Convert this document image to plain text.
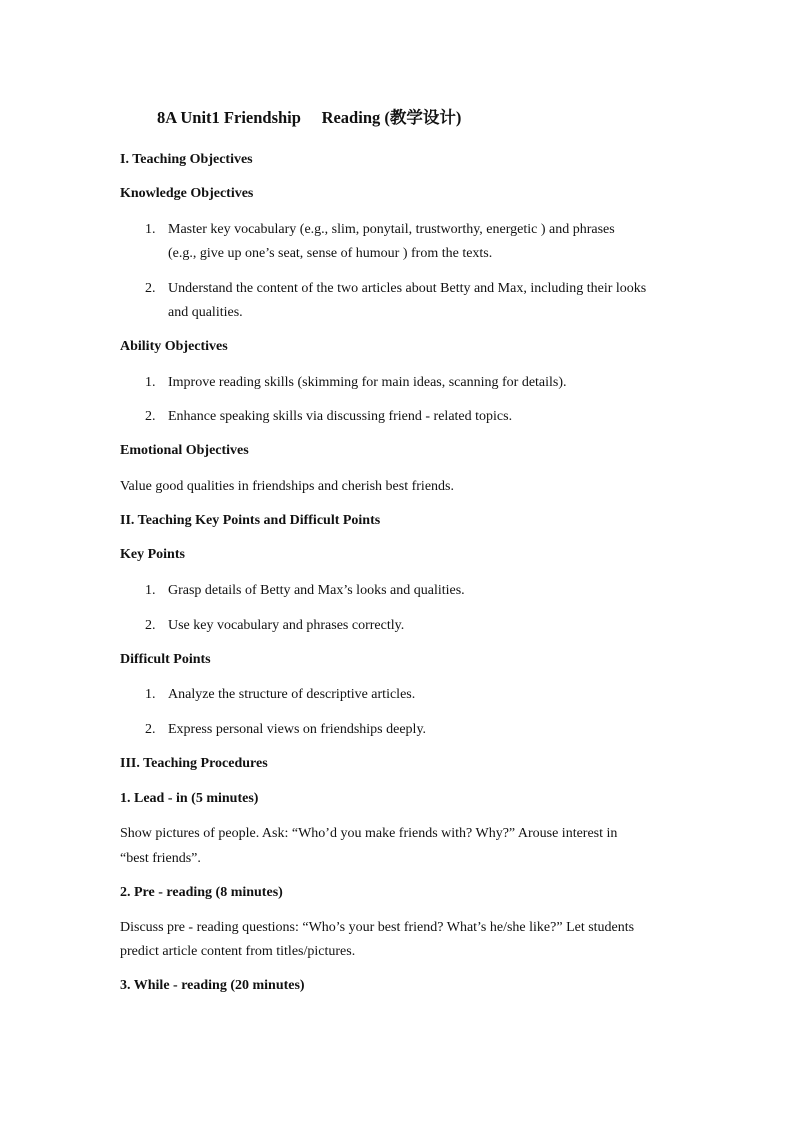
8A Unit1 Friendship     Reading (教学设计)
I. Teaching Objectives
Knowledge Objectives
1. Master key vocabulary (e.g., slim, ponytail, trustworthy, energetic ) and phrases
(e.g., give up one’s seat, sense of humour ) from the texts.
2. Understand the content of the two articles about Betty and Max, including their looks
and qualities.
Ability Objectives
1. Improve reading skills (skimming for main ideas, scanning for details).
2. Enhance speaking skills via discussing friend - related topics.
Emotional Objectives
Value good qualities in friendships and cherish best friends.
II. Teaching Key Points and Difficult Points
Key Points
1. Grasp details of Betty and Max’s looks and qualities.
2. Use key vocabulary and phrases correctly.
Difficult Points
1. Analyze the structure of descriptive articles.
2. Express personal views on friendships deeply.
III. Teaching Procedures
1. Lead - in (5 minutes)
Show pictures of people. Ask: “Who’d you make friends with? Why?” Arouse interest in
“best friends”.
2. Pre - reading (8 minutes)
Discuss pre - reading questions: “Who’s your best friend? What’s he/she like?” Let students
predict article content from titles/pictures.
3. While - reading (20 minutes)
